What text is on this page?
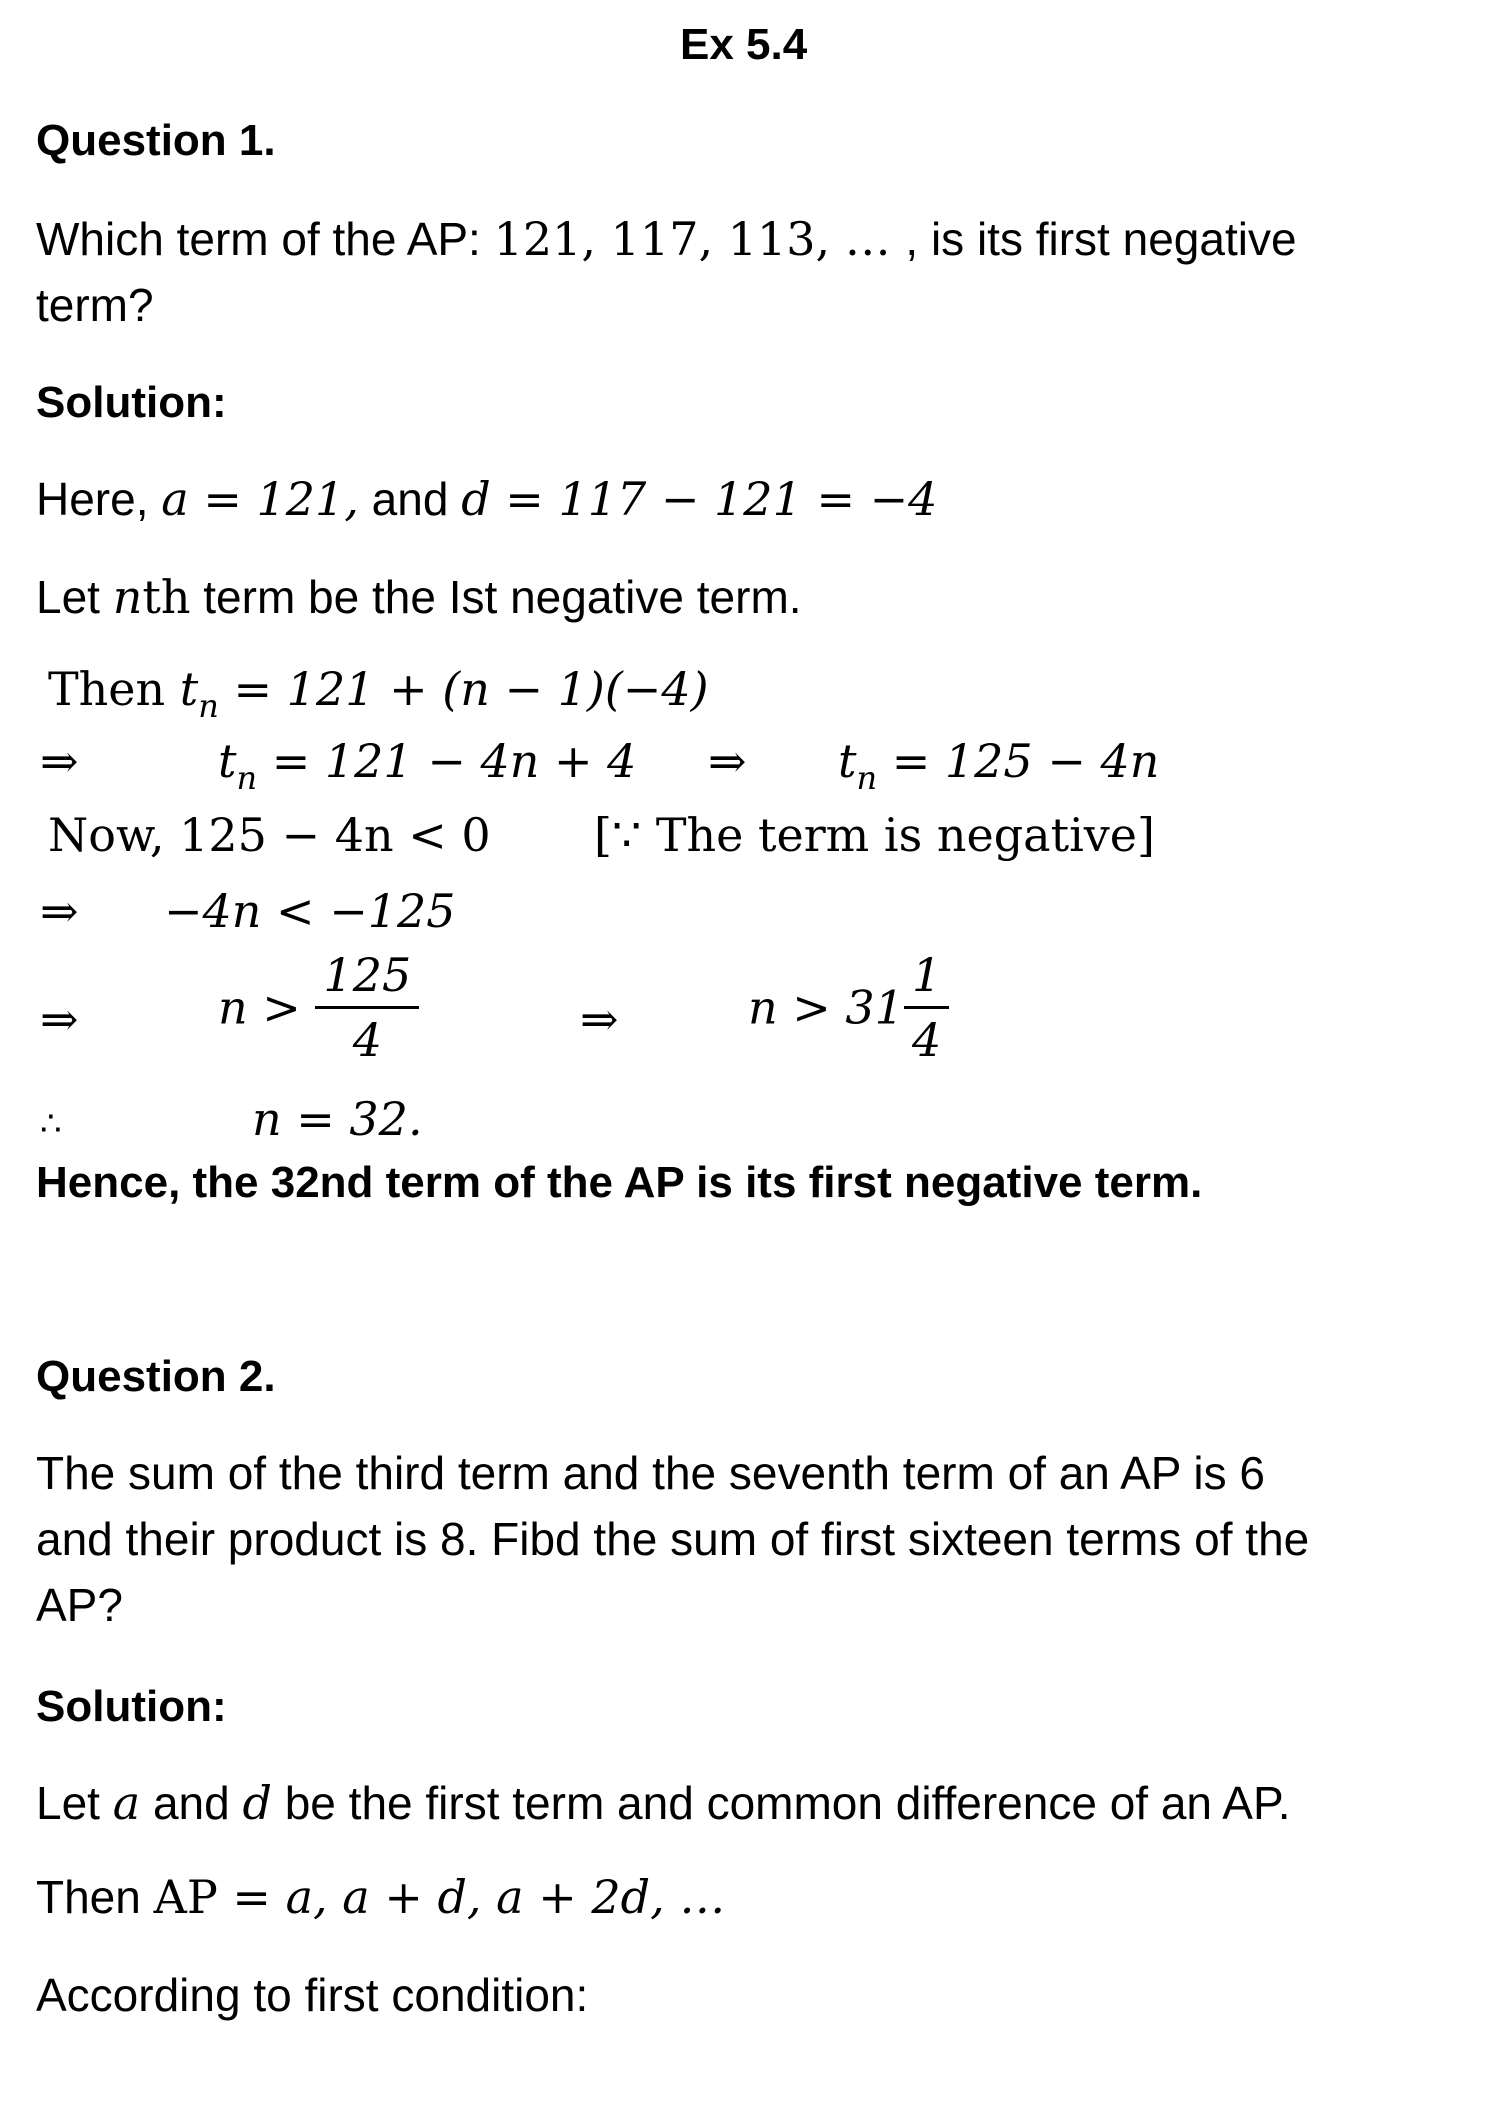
Ex 5.4
Question 1.
Which term of the AP: 121, 117, 113, … , is its first negative
term?
Solution:
Here, a = 121, and d = 117 − 121 = −4
Let nth term be the Ist negative term.
Then $t_n = 121 + (n - 1)(-4)$
⇒	$t_n = 121 - 4n + 4$ ⇒ $t_n = 125 - 4n$
Now, 125 − 4n < 0 [∵ The term is negative]
⇒ −4n < −125
⇒	$n > \frac{125}{4}$	⇒	$n > 31 \frac{1}{4}$
∴	n = 32.
Hence, the 32nd term of the AP is its first negative term.
Question 2.
The sum of the third term and the seventh term of an AP is 6
and their product is 8. Fibd the sum of first sixteen terms of the
AP?
Solution:
Let a and d be the first term and common difference of an AP.
Then AP = a, a + d, a + 2d, …
According to first condition:
